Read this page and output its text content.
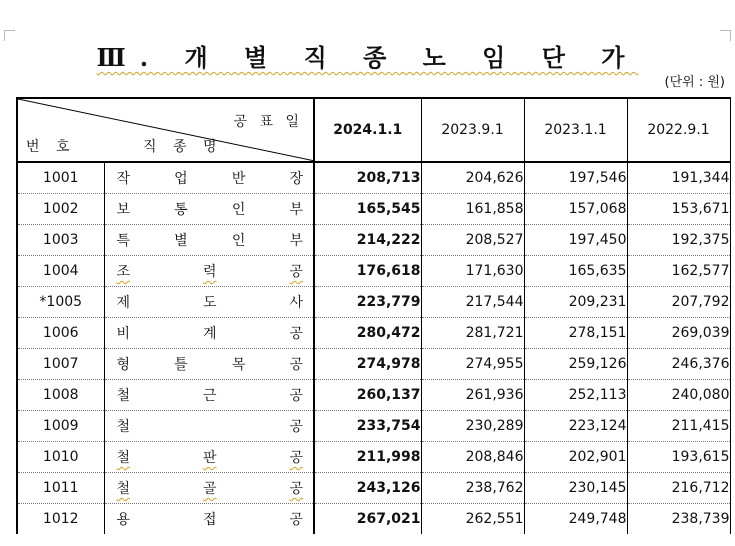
Ⅲ. 개 별 직 종 노 임 단 가
(단위 : 원)
공 표 일
번 호 직 종 명		2024.1.1	2023.9.1	2023.1.1	2022.9.1
1001	작 업 반 장	208,713	204,626	197,546	191,344
1002	보 통 인 부	165,545	161,858	157,068	153,671
1003	특 별 인 부	214,222	208,527	197,450	192,375
1004	조 력 공	176,618	171,630	165,635	162,577
*1005	제 도 사	223,779	217,544	209,231	207,792
1006	비 계 공	280,472	281,721	278,151	269,039
1007	형 틀 목 공	274,978	274,955	259,126	246,376
1008	철 근 공	260,137	261,936	252,113	240,080
1009	철 공	233,754	230,289	223,124	211,415
1010	철 판 공	211,998	208,846	202,901	193,615
1011	철 골 공	243,126	238,762	230,145	216,712
1012	용 접 공	267,021	262,551	249,748	238,739
